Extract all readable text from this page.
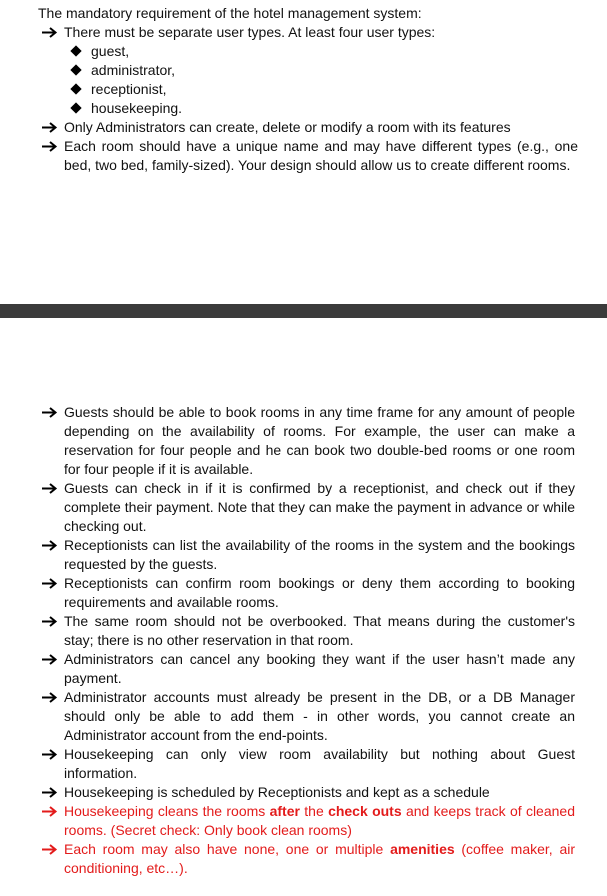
The mandatory requirement of the hotel management system:

There must be separate user types. At least four user types:

guest,

administrator,

receptionist,

housekeeping.

Only Administrators can create, delete or modify a room with its features

Each room should have a unique name and may have different types (e.g., one bed, two bed, family-sized). Your design should allow us to create different rooms.

Guests should be able to book rooms in any time frame for any amount of people depending on the availability of rooms. For example, the user can make a reservation for four people and he can book two double-bed rooms or one room for four people if it is available.

Guests can check in if it is confirmed by a receptionist, and check out if they complete their payment. Note that they can make the payment in advance or while checking out.

Receptionists can list the availability of the rooms in the system and the bookings requested by the guests.

Receptionists can confirm room bookings or deny them according to booking requirements and available rooms.

The same room should not be overbooked. That means during the customer's stay; there is no other reservation in that room.

Administrators can cancel any booking they want if the user hasn’t made any payment.

Administrator accounts must already be present in the DB, or a DB Manager should only be able to add them - in other words, you cannot create an Administrator account from the end-points.

Housekeeping can only view room availability but nothing about Guest information.

Housekeeping is scheduled by Receptionists and kept as a schedule

Housekeeping cleans the rooms after the check outs and keeps track of cleaned rooms. (Secret check: Only book clean rooms)

Each room may also have none, one or multiple amenities (coffee maker, air conditioning, etc…).
